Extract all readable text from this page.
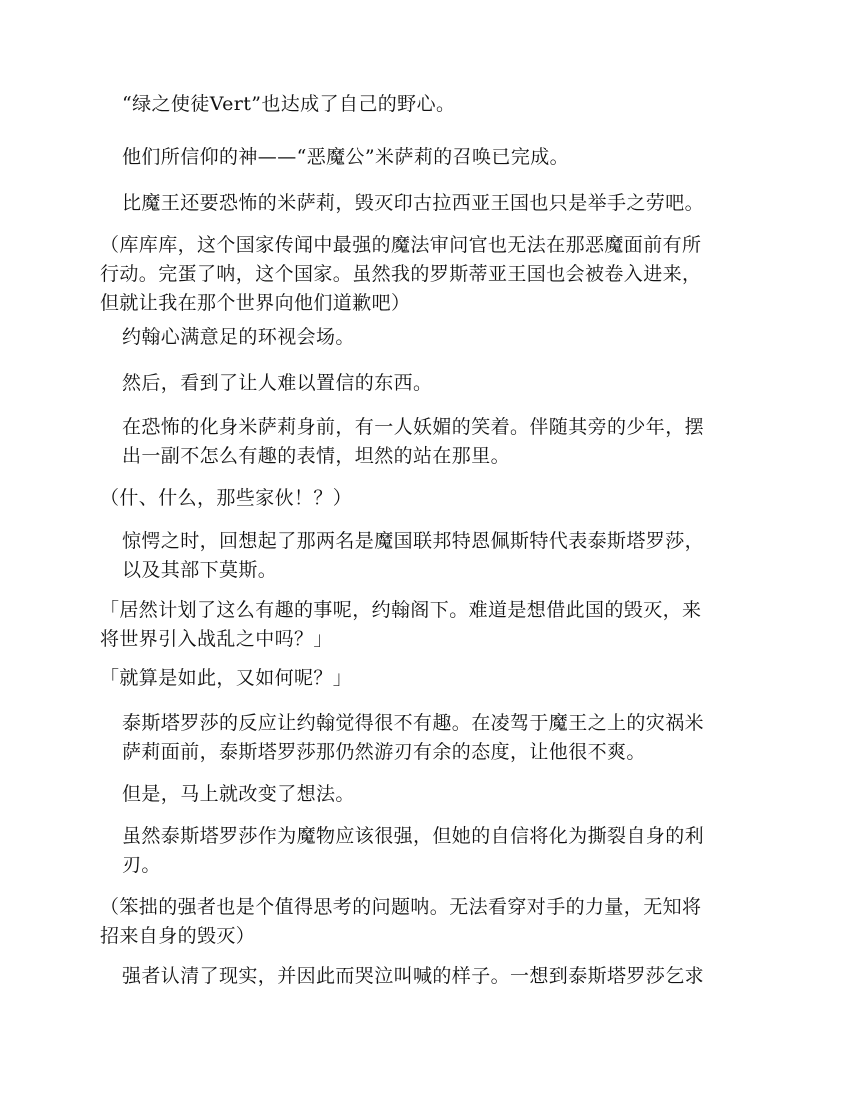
“绿之使徒Vert”也达成了自己的野心。

他们所信仰的神——“恶魔公”米萨莉的召唤已完成。

比魔王还要恐怖的米萨莉，毁灭印古拉西亚王国也只是举手之劳吧。

（库库库，这个国家传闻中最强的魔法审问官也无法在那恶魔面前有所
行动。完蛋了呐，这个国家。虽然我的罗斯蒂亚王国也会被卷入进来，
但就让我在那个世界向他们道歉吧）

约翰心满意足的环视会场。

然后，看到了让人难以置信的东西。

在恐怖的化身米萨莉身前，有一人妖媚的笑着。伴随其旁的少年，摆
出一副不怎么有趣的表情，坦然的站在那里。

（什、什么，那些家伙！？）

惊愕之时，回想起了那两名是魔国联邦特恩佩斯特代表泰斯塔罗莎，
以及其部下莫斯。

「居然计划了这么有趣的事呢，约翰阁下。难道是想借此国的毁灭，来
将世界引入战乱之中吗？」

「就算是如此，又如何呢？」

泰斯塔罗莎的反应让约翰觉得很不有趣。在凌驾于魔王之上的灾祸米
萨莉面前，泰斯塔罗莎那仍然游刃有余的态度，让他很不爽。

但是，马上就改变了想法。

虽然泰斯塔罗莎作为魔物应该很强，但她的自信将化为撕裂自身的利
刃。

（笨拙的强者也是个值得思考的问题呐。无法看穿对手的力量，无知将
招来自身的毁灭）

强者认清了现实，并因此而哭泣叫喊的样子。一想到泰斯塔罗莎乞求
